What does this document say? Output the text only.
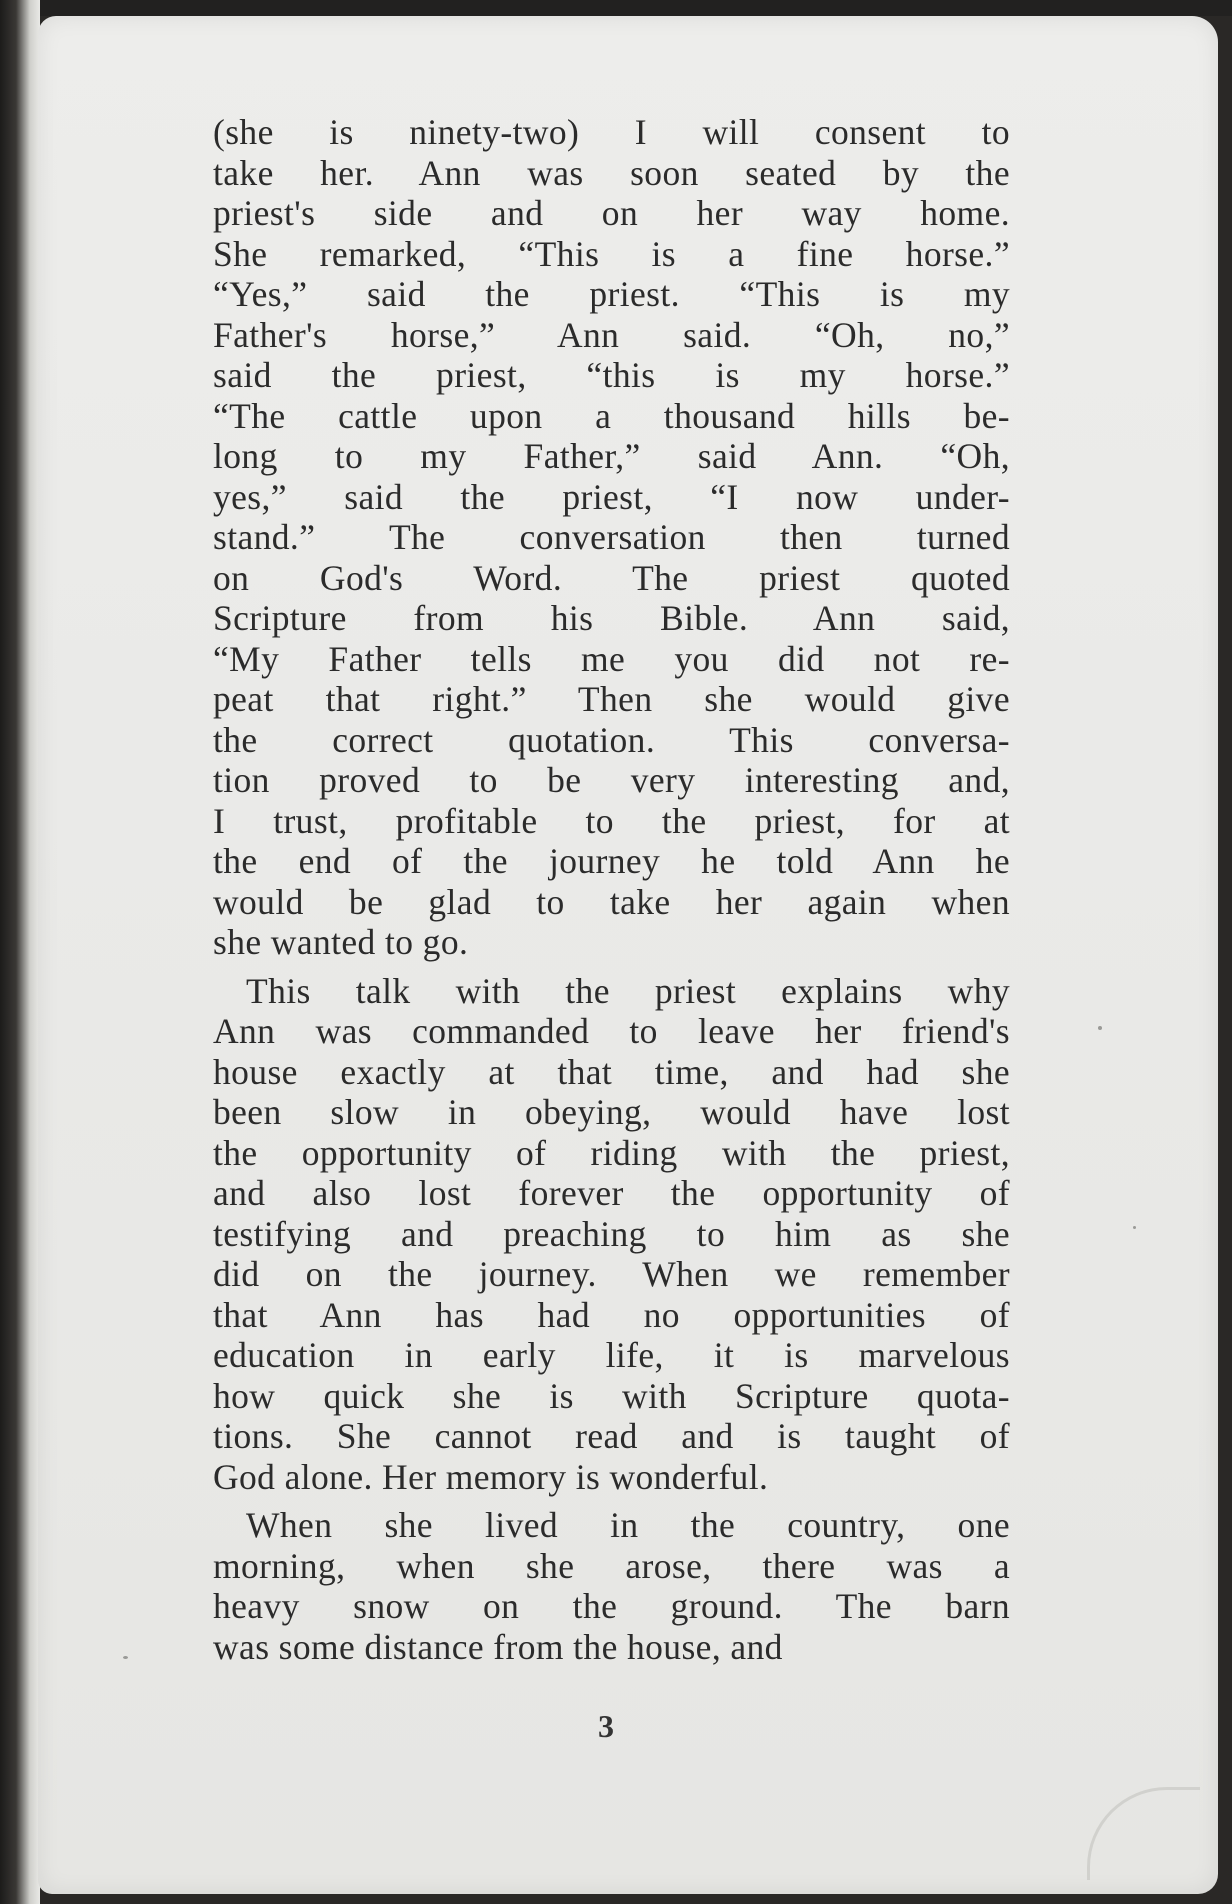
(she is ninety-two) I will consent to
take her. Ann was soon seated by the
priest's side and on her way home.
She remarked, “This is a fine horse.”
“Yes,” said the priest. “This is my
Father's horse,” Ann said. “Oh, no,”
said the priest, “this is my horse.”
“The cattle upon a thousand hills be-
long to my Father,” said Ann. “Oh,
yes,” said the priest, “I now under-
stand.” The conversation then turned
on God's Word. The priest quoted
Scripture from his Bible. Ann said,
“My Father tells me you did not re-
peat that right.” Then she would give
the correct quotation. This conversa-
tion proved to be very interesting and,
I trust, profitable to the priest, for at
the end of the journey he told Ann he
would be glad to take her again when
she wanted to go.
This talk with the priest explains why
Ann was commanded to leave her friend's
house exactly at that time, and had she
been slow in obeying, would have lost
the opportunity of riding with the priest,
and also lost forever the opportunity of
testifying and preaching to him as she
did on the journey. When we remember
that Ann has had no opportunities of
education in early life, it is marvelous
how quick she is with Scripture quota-
tions. She cannot read and is taught of
God alone. Her memory is wonderful.
When she lived in the country, one
morning, when she arose, there was a
heavy snow on the ground. The barn
was some distance from the house, and
3
